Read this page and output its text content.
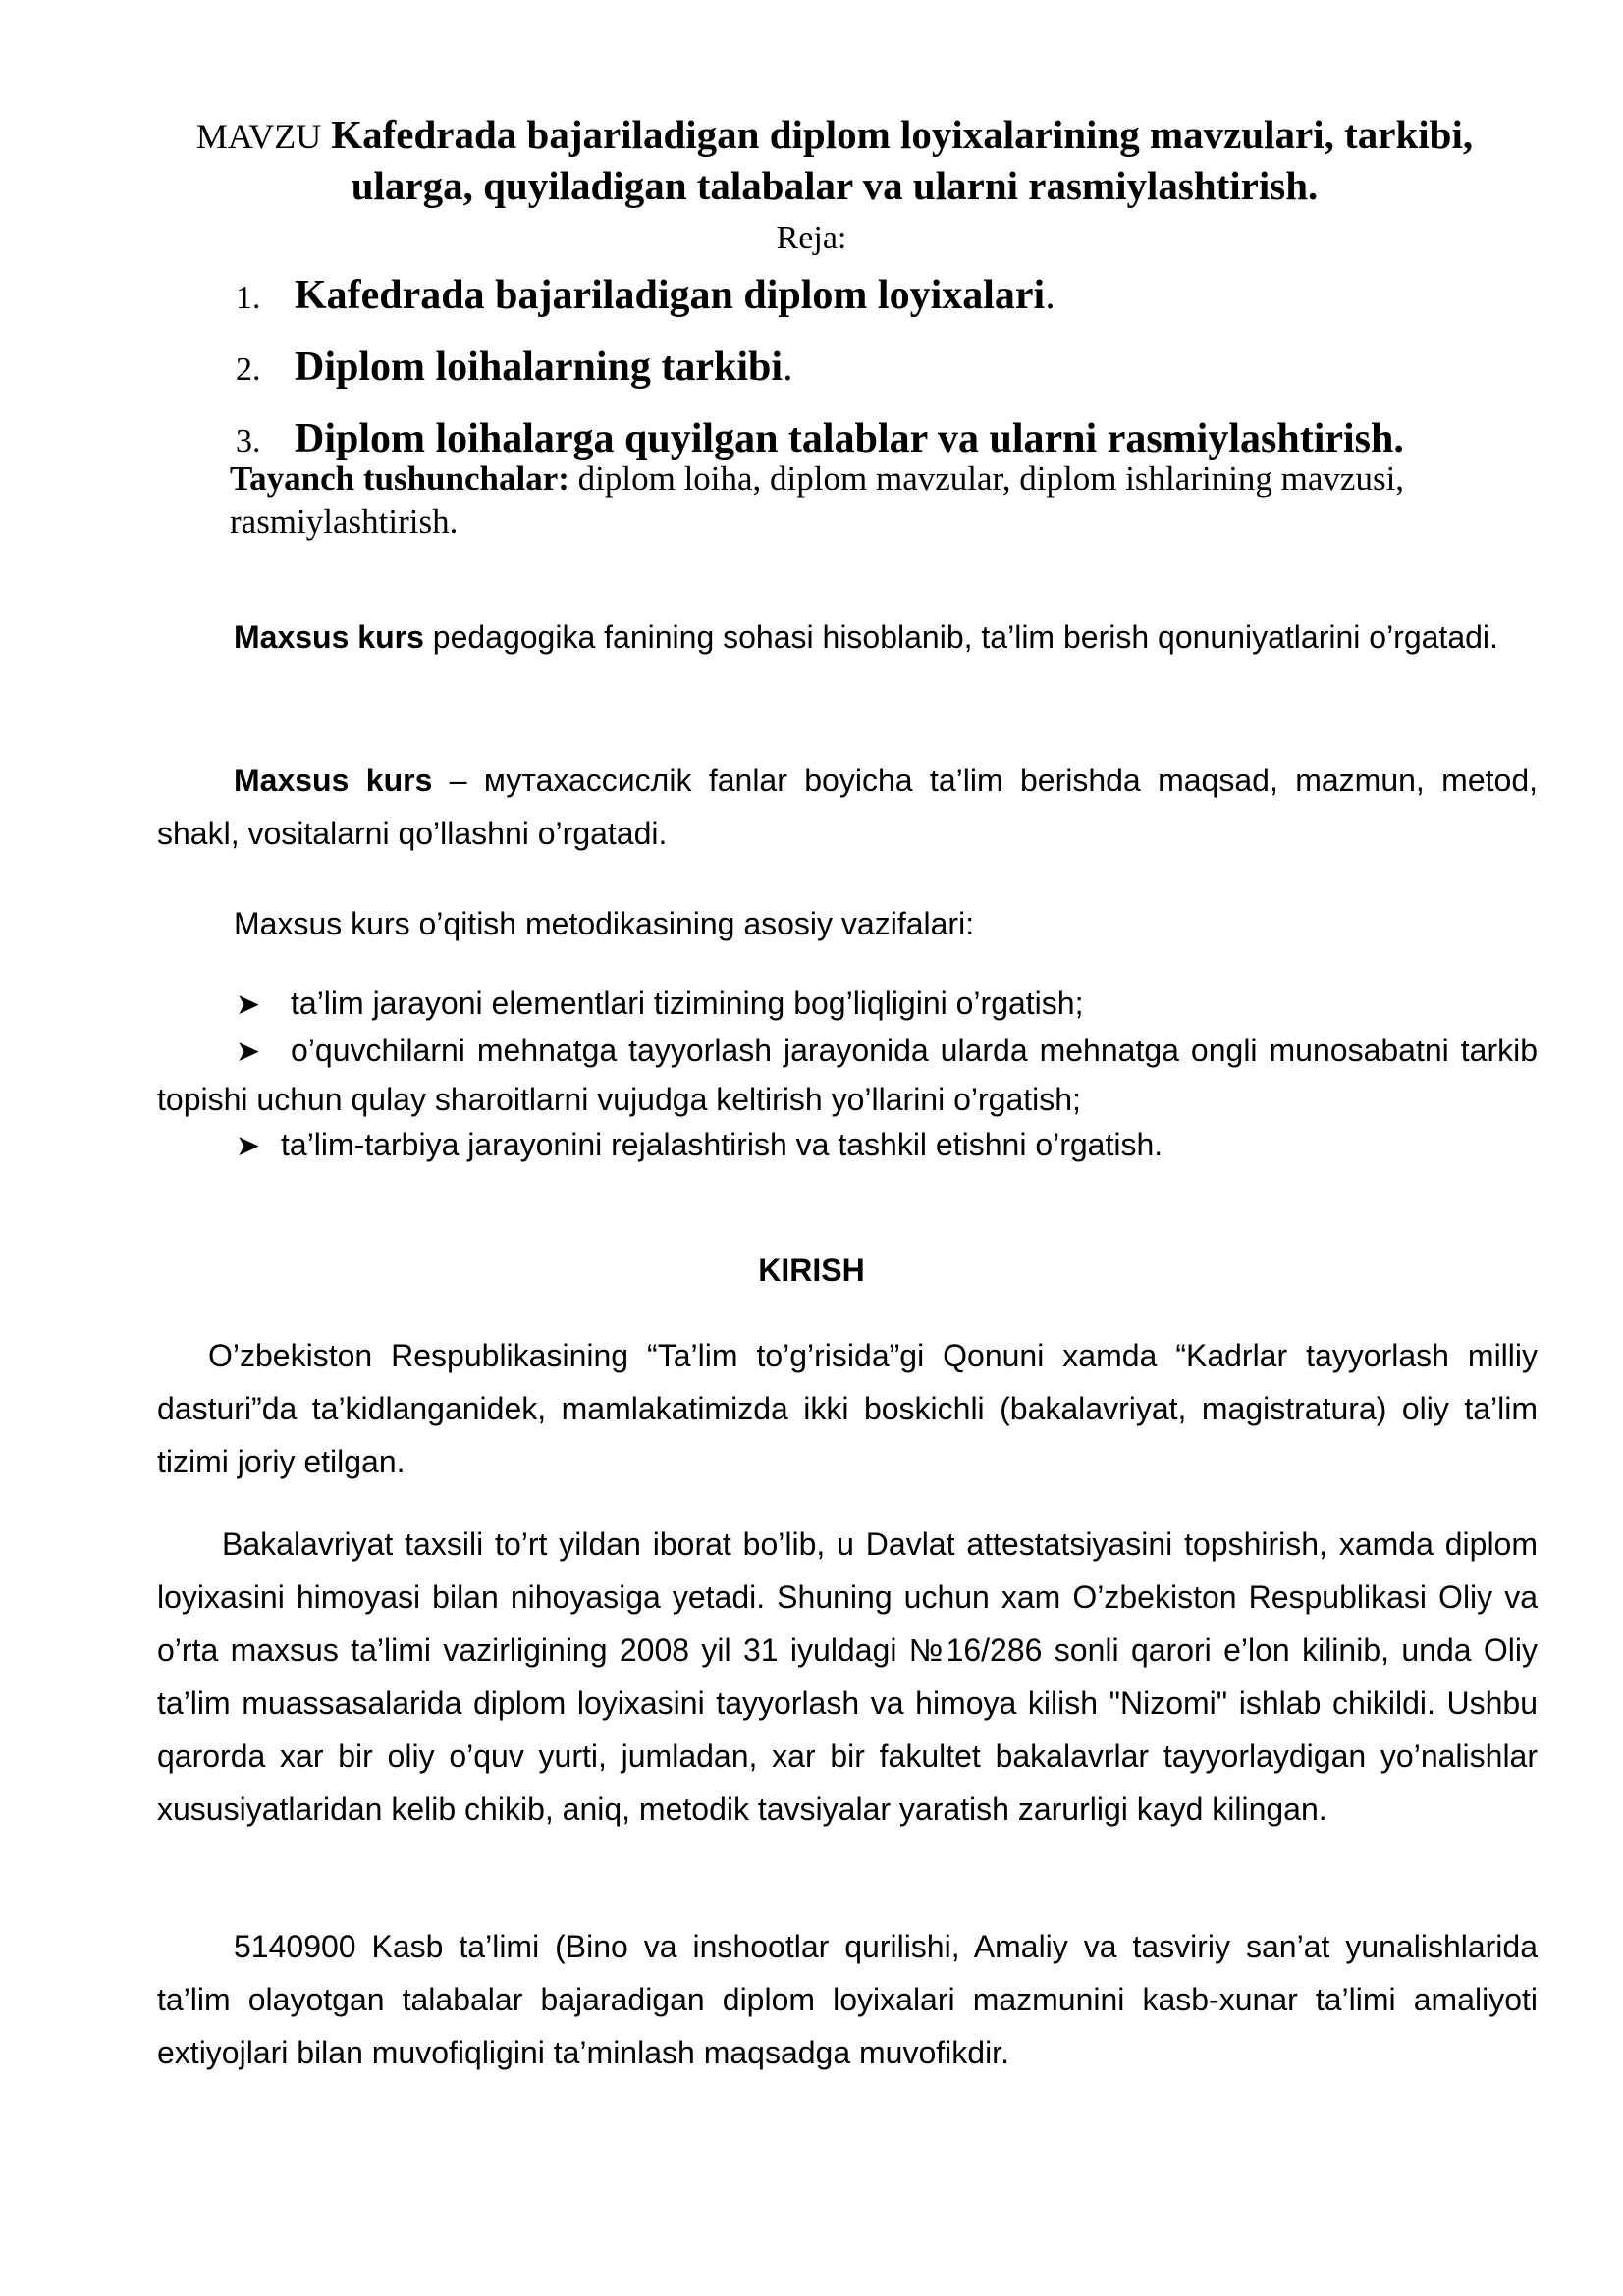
MAVZU Kafedrada bajariladigan diplom loyixalarining mavzulari, tarkibi, ularga, quyiladigan talabalar va ularni rasmiylashtirish.
Reja:
1. Kafedrada bajariladigan diplom loyixalari.
2. Diplom loihalarning tarkibi.
3. Diplom loihalarga quyilgan talablar va ularni rasmiylashtirish.
Tayanch tushunchalar: diplom loiha, diplom mavzular, diplom ishlarining mavzusi, rasmiylashtirish.

Maxsus kurs pedagogika fanining sohasi hisoblanib, ta’lim berish qonuniyatlarini o’rgatadi.

Maxsus kurs – мутахассиcлik fanlar boyicha ta’lim berishda maqsad, mazmun, metod, shakl, vositalarni qo’llashni o’rgatadi.

Maxsus kurs o’qitish metodikasining asosiy vazifalari:

➤ ta’lim jarayoni elementlari tizimining bog’liqligini o’rgatish;
➤ o’quvchilarni mehnatga tayyorlash jarayonida ularda mehnatga ongli munosabatni tarkib topishi uchun qulay sharoitlarni vujudga keltirish yo’llarini o’rgatish;
➤ ta’lim-tarbiya jarayonini rejalashtirish va tashkil etishni o’rgatish.
KIRISH

O’zbekiston Respublikasining “Ta’lim to’g’risida”gi Qonuni xamda “Kadrlar tayyorlash milliy dasturi”da ta’kidlanganidek, mamlakatimizda ikki boskichli (bakalavriyat, magistratura) oliy ta’lim tizimi joriy etilgan.

Bakalavriyat taxsili to’rt yildan iborat bo’lib, u Davlat attestatsiyasini topshirish, xamda diplom loyixasini himoyasi bilan nihoyasiga yetadi. Shuning uchun xam O’zbekiston Respublikasi Oliy va o’rta maxsus ta’limi vazirligining 2008 yil 31 iyuldagi №16/286 sonli qarori e’lon kilinib, unda Oliy ta’lim muassasalarida diplom loyixasini tayyorlash va himoya kilish "Nizomi" ishlab chikildi. Ushbu qarorda xar bir oliy o’quv yurti, jumladan, xar bir fakultet bakalavrlar tayyorlaydigan yo’nalishlar xususiyatlaridan kelib chikib, aniq, metodik tavsiyalar yaratish zarurligi kayd kilingan.

5140900 Kasb ta’limi (Bino va inshootlar qurilishi, Amaliy va tasviriy san’at yunalishlarida ta’lim olayotgan talabalar bajaradigan diplom loyixalari mazmunini kasb-xunar ta’limi amaliyoti extiyojlari bilan muvofiqligini ta’minlash maqsadga muvofikdir.
